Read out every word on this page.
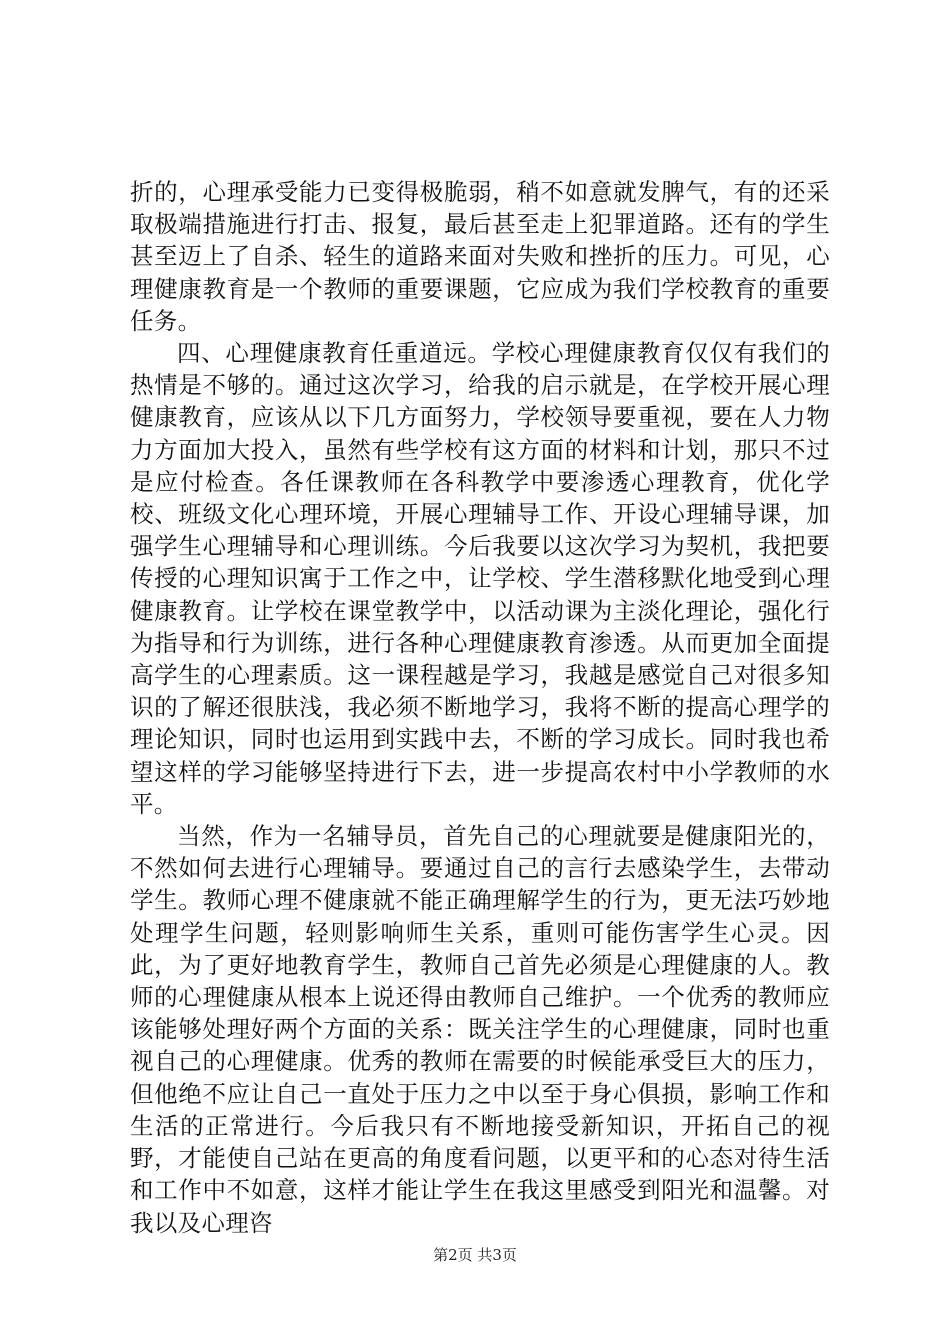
折的，心理承受能力已变得极脆弱，稍不如意就发脾气，有的还采取极端措施进行打击、报复，最后甚至走上犯罪道路。还有的学生甚至迈上了自杀、轻生的道路来面对失败和挫折的压力。可见，心理健康教育是一个教师的重要课题，它应成为我们学校教育的重要任务。

四、心理健康教育任重道远。学校心理健康教育仅仅有我们的热情是不够的。通过这次学习，给我的启示就是，在学校开展心理健康教育，应该从以下几方面努力，学校领导要重视，要在人力物力方面加大投入，虽然有些学校有这方面的材料和计划，那只不过是应付检查。各任课教师在各科教学中要渗透心理教育，优化学校、班级文化心理环境，开展心理辅导工作、开设心理辅导课，加强学生心理辅导和心理训练。今后我要以这次学习为契机，我把要传授的心理知识寓于工作之中，让学校、学生潜移默化地受到心理健康教育。让学校在课堂教学中，以活动课为主淡化理论，强化行为指导和行为训练，进行各种心理健康教育渗透。从而更加全面提高学生的心理素质。这一课程越是学习，我越是感觉自己对很多知识的了解还很肤浅，我必须不断地学习，我将不断的提高心理学的理论知识，同时也运用到实践中去，不断的学习成长。同时我也希望这样的学习能够坚持进行下去，进一步提高农村中小学教师的水平。

当然，作为一名辅导员，首先自己的心理就要是健康阳光的，不然如何去进行心理辅导。要通过自己的言行去感染学生，去带动学生。教师心理不健康就不能正确理解学生的行为，更无法巧妙地处理学生问题，轻则影响师生关系，重则可能伤害学生心灵。因此，为了更好地教育学生，教师自己首先必须是心理健康的人。教师的心理健康从根本上说还得由教师自己维护。一个优秀的教师应该能够处理好两个方面的关系：既关注学生的心理健康，同时也重视自己的心理健康。优秀的教师在需要的时候能承受巨大的压力，但他绝不应让自己一直处于压力之中以至于身心俱损，影响工作和生活的正常进行。今后我只有不断地接受新知识，开拓自己的视野，才能使自己站在更高的角度看问题，以更平和的心态对待生活和工作中不如意，这样才能让学生在我这里感受到阳光和温馨。对我以及心理咨

第2页 共3页
